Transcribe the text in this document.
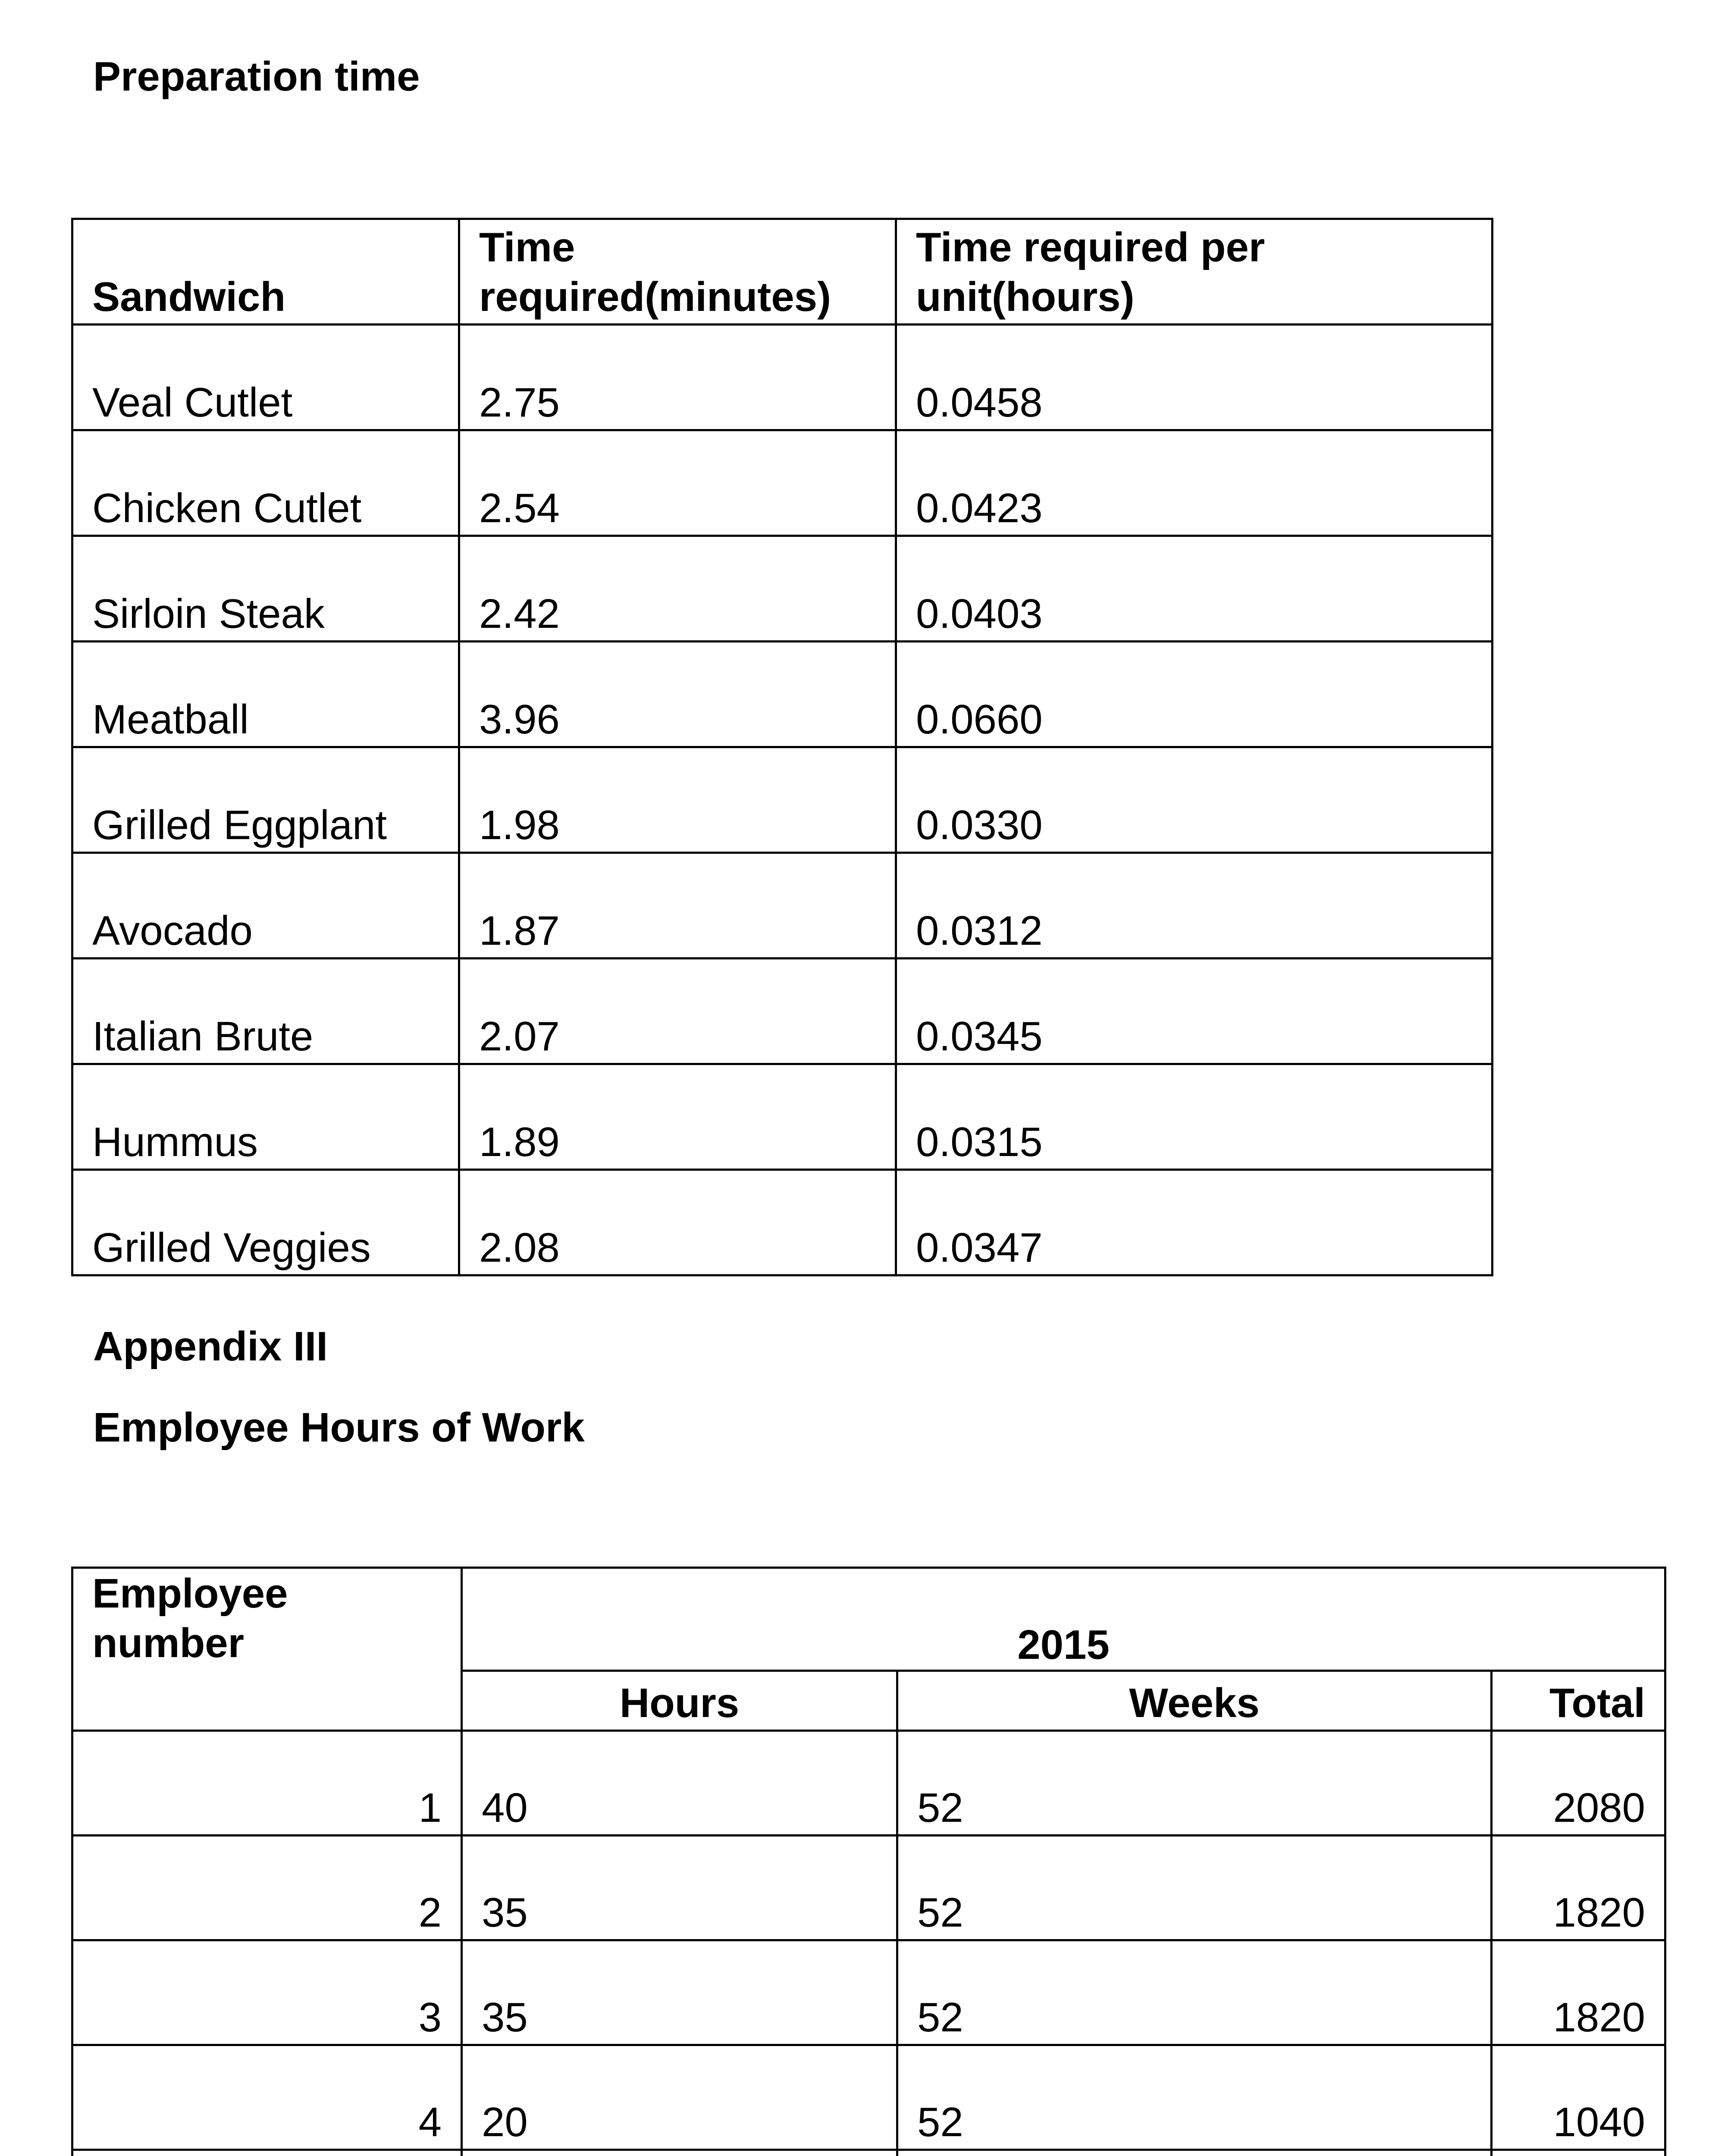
Preparation time
Sandwich	Time required(minutes)	Time required per unit(hours)
Veal Cutlet	2.75	0.0458
Chicken Cutlet	2.54	0.0423
Sirloin Steak	2.42	0.0403
Meatball	3.96	0.0660
Grilled Eggplant	1.98	0.0330
Avocado	1.87	0.0312
Italian Brute	2.07	0.0345
Hummus	1.89	0.0315
Grilled Veggies	2.08	0.0347
Appendix III
Employee Hours of Work
Employee number	2015		
	Hours	Weeks	Total
1	40	52	2080
2	35	52	1820
3	35	52	1820
4	20	52	1040
